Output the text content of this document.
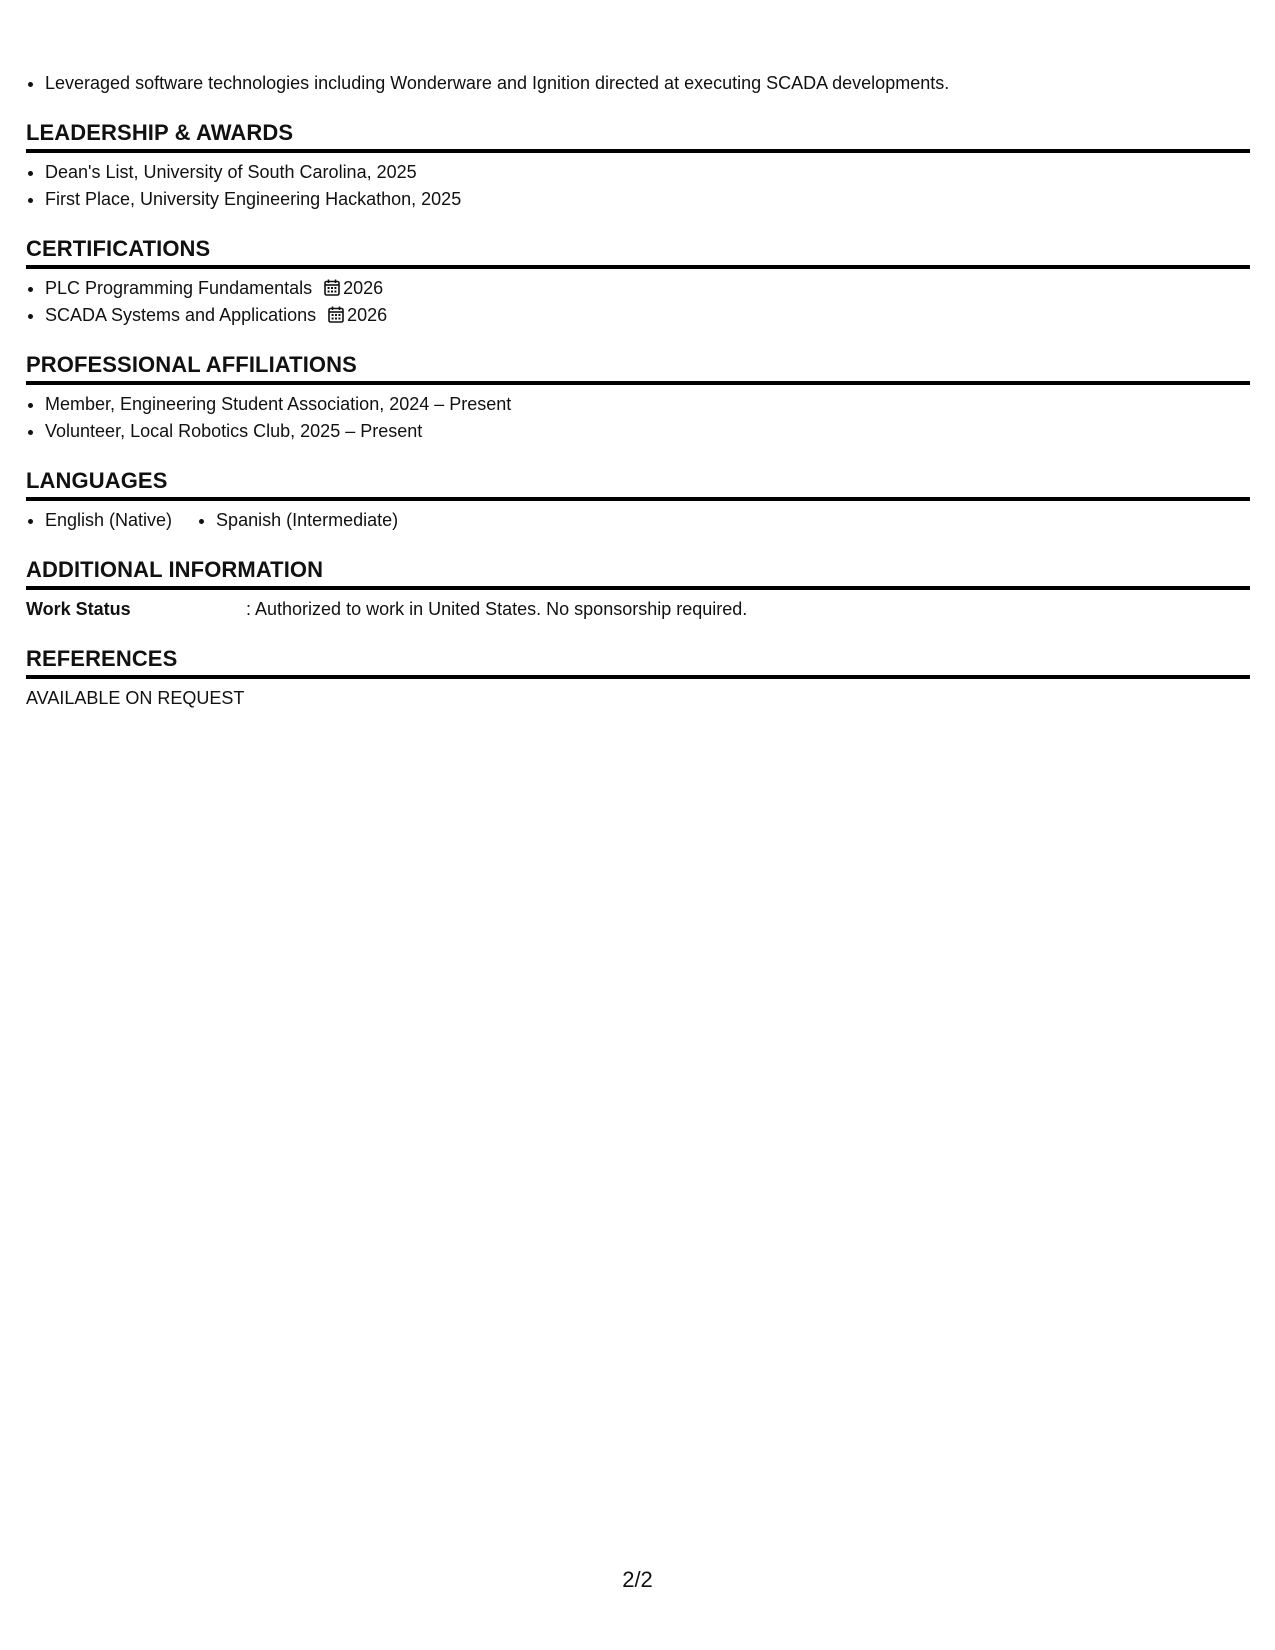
• Leveraged software technologies including Wonderware and Ignition directed at executing SCADA developments.
LEADERSHIP & AWARDS
• Dean's List, University of South Carolina, 2025
• First Place, University Engineering Hackathon, 2025
CERTIFICATIONS
• PLC Programming Fundamentals 2026
• SCADA Systems and Applications 2026
PROFESSIONAL AFFILIATIONS
• Member, Engineering Student Association, 2024 – Present
• Volunteer, Local Robotics Club, 2025 – Present
LANGUAGES
• English (Native)
• Spanish (Intermediate)
ADDITIONAL INFORMATION
Work Status	: Authorized to work in United States. No sponsorship required.
REFERENCES
AVAILABLE ON REQUEST
2/2
